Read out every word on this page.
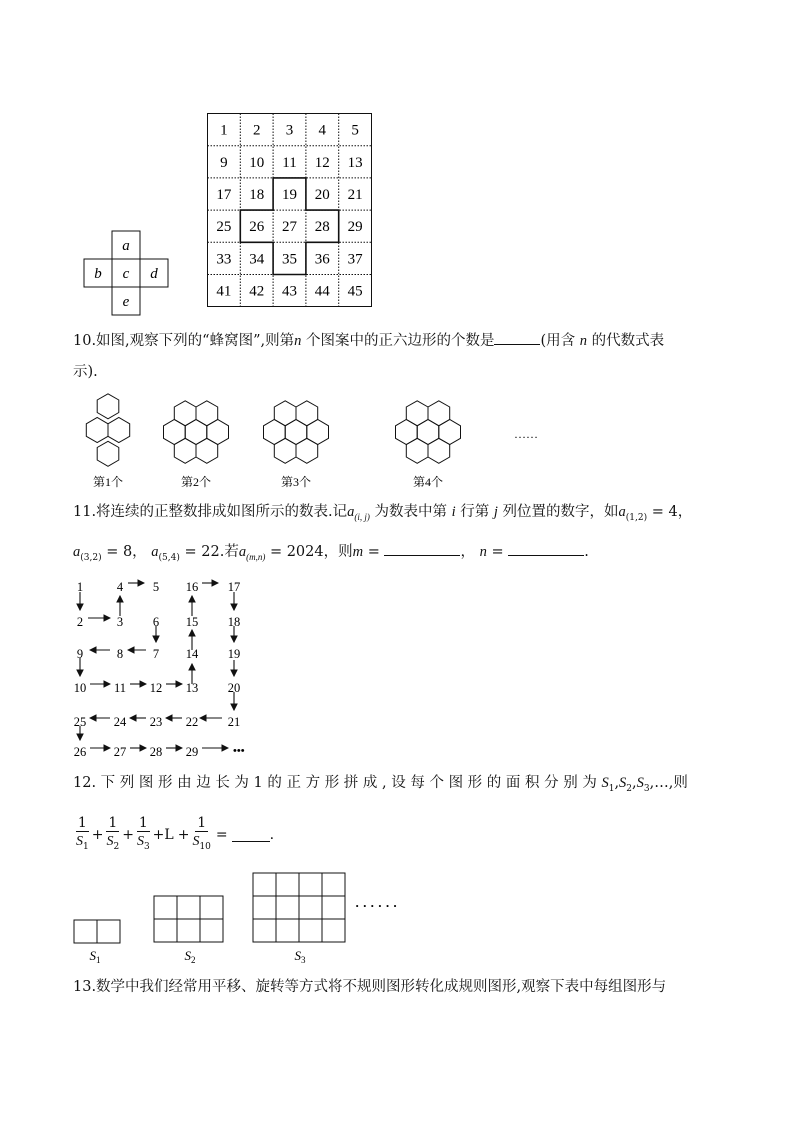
a
b c d
e
1 2 3 4 5
9 10 11 12 13
17 18 19 20 21
25 26 27 28 29
33 34 35 36 37
41 42 43 44 45
10.如图,观察下列的“蜂窝图”,则第n 个图案中的正六边形的个数是	(用含 n 的代数式表
示).
第1个	第2个	第3个	第4个
……
11.将连续的正整数排成如图所示的数表.记$a_{(i, j)}$ 为数表中第 i 行第 j 列位置的数字，如$a_{(1,2)} = 4$，
$a_{(3,2)} = 8$， $a_{(5,4)} = 22$.若$a_{(m,n)} = 2024$，则m =	， n =	.
1	4 5 16 17
2	3 6 15 18
9	8 7 14 19
10 11 12 13 20
25 24 23 22 21
26 27 28 29	•••
12. 下 列 图 形 由 边 长 为 1 的 正 方 形 拼 成 , 设 每 个 图 形 的 面 积 分 别 为 $S_1,S_2,S_3,\dots$,则
$\frac{1}{S_1} + \frac{1}{S_2} + \frac{1}{S_3} + L + \frac{1}{S_{10}}$ =	.
$S_1$	$S_2$	$S_3$
· · · · · ·
13.数学中我们经常用平移、旋转等方式将不规则图形转化成规则图形,观察下表中每组图形与
